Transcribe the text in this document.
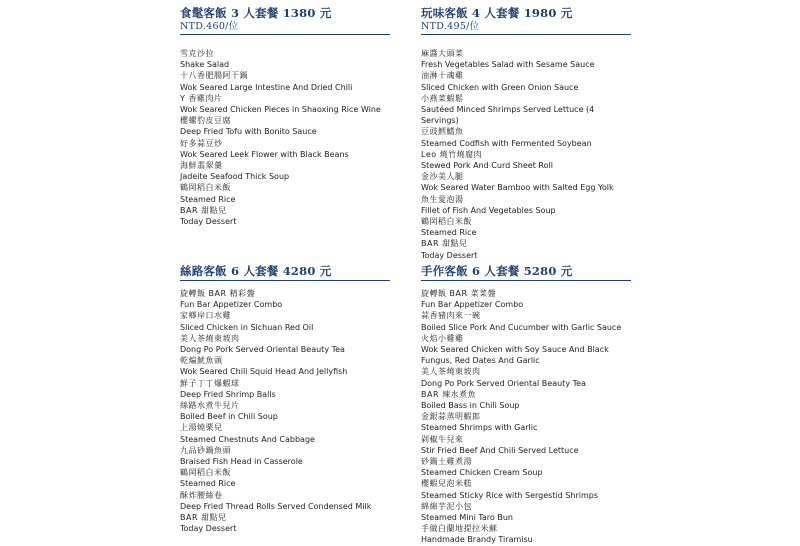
食髦客飯 3 人套餐 1380 元
NTD.460/位
雪克沙拉
Shake Salad
十八香肥腸阿干鍋
Wok Seared Large Intestine And Dried Chili
Y 香雞肉片
Wok Seared Chicken Pieces in Shaoxing Rice Wine
櫻螺豹皮豆腐
Deep Fried Tofu with Bonito Sauce
好多蒜豆炒
Wok Seared Leek Flower with Black Beans
海鮮翡翠羹
Jadeite Seafood Thick Soup
鶴岡稻白米飯
Steamed Rice
BAR 甜點兒
Today Dessert
玩味客飯 4 人套餐 1980 元
NTD.495/位
麻醬大頭菜
Fresh Vegetables Salad with Sesame Sauce
油淋十魂雞
Sliced Chicken with Green Onion Sauce
小燕菜蝦鬆
Sautéed Minced Shrimps Served Lettuce (4 Servings)
豆豉鱈鰭魚
Steamed Codfish with Fermented Soybean
Leo 燒竹燒腐肉
Stewed Pork And Curd Sheet Roll
金沙美人腿
Wok Seared Water Bamboo with Salted Egg Yolk
魚生愛泡湯
Fillet of Fish And Vegetables Soup
鶴岡稻白米飯
Steamed Rice
BAR 甜點兒
Today Dessert
絲路客飯 6 人套餐 4280 元
旋轉飯 BAR 精彩盤
Fun Bar Appetizer Combo
家鄉岸口水雞
Sliced Chicken in Sichuan Red Oil
美人茶燒東坡肉
Dong Po Pork Served Oriental Beauty Tea
乾煸魷魚頭
Wok Seared Chili Squid Head And Jellyfish
鮮子丁丁爆蝦球
Deep Fried Shrimp Balls
絲路水煮牛兒片
Boiled Beef in Chili Soup
上湯燒栗兒
Steamed Chestnuts And Cabbage
九品砂鍋魚頭
Braised Fish Head in Casserole
鶴岡稻白米飯
Steamed Rice
酥炸腰絲卷
Deep Fried Thread Rolls Served Condensed Milk
BAR 甜點兒
Today Dessert
手作客飯 6 人套餐 5280 元
旋轉飯 BAR 菜菜盤
Fun Bar Appetizer Combo
蒜香豬肉來一碗
Boiled Slice Pork And Cucumber with Garlic Sauce
火焰小雞雞
Wok Seared Chicken with Soy Sauce And Black Fungus, Red Dates And Garlic
美人茶燒東坡肉
Dong Po Pork Served Oriental Beauty Tea
BAR 辣水煮魚
Boiled Bass in Chili Soup
金銀蒜蒸明蝦郎
Steamed Shrimps with Garlic
剁椒牛兒來
Stir Fried Beef And Chili Served Lettuce
砂鍋土雞煮湯
Steamed Chicken Cream Soup
櫻蝦兒泡米糕
Steamed Sticky Rice with Sergestid Shrimps
綿綿芋泥小包
Steamed Mini Taro Bun
手做白蘭地提拉米蘇
Handmade Brandy Tiramisu
